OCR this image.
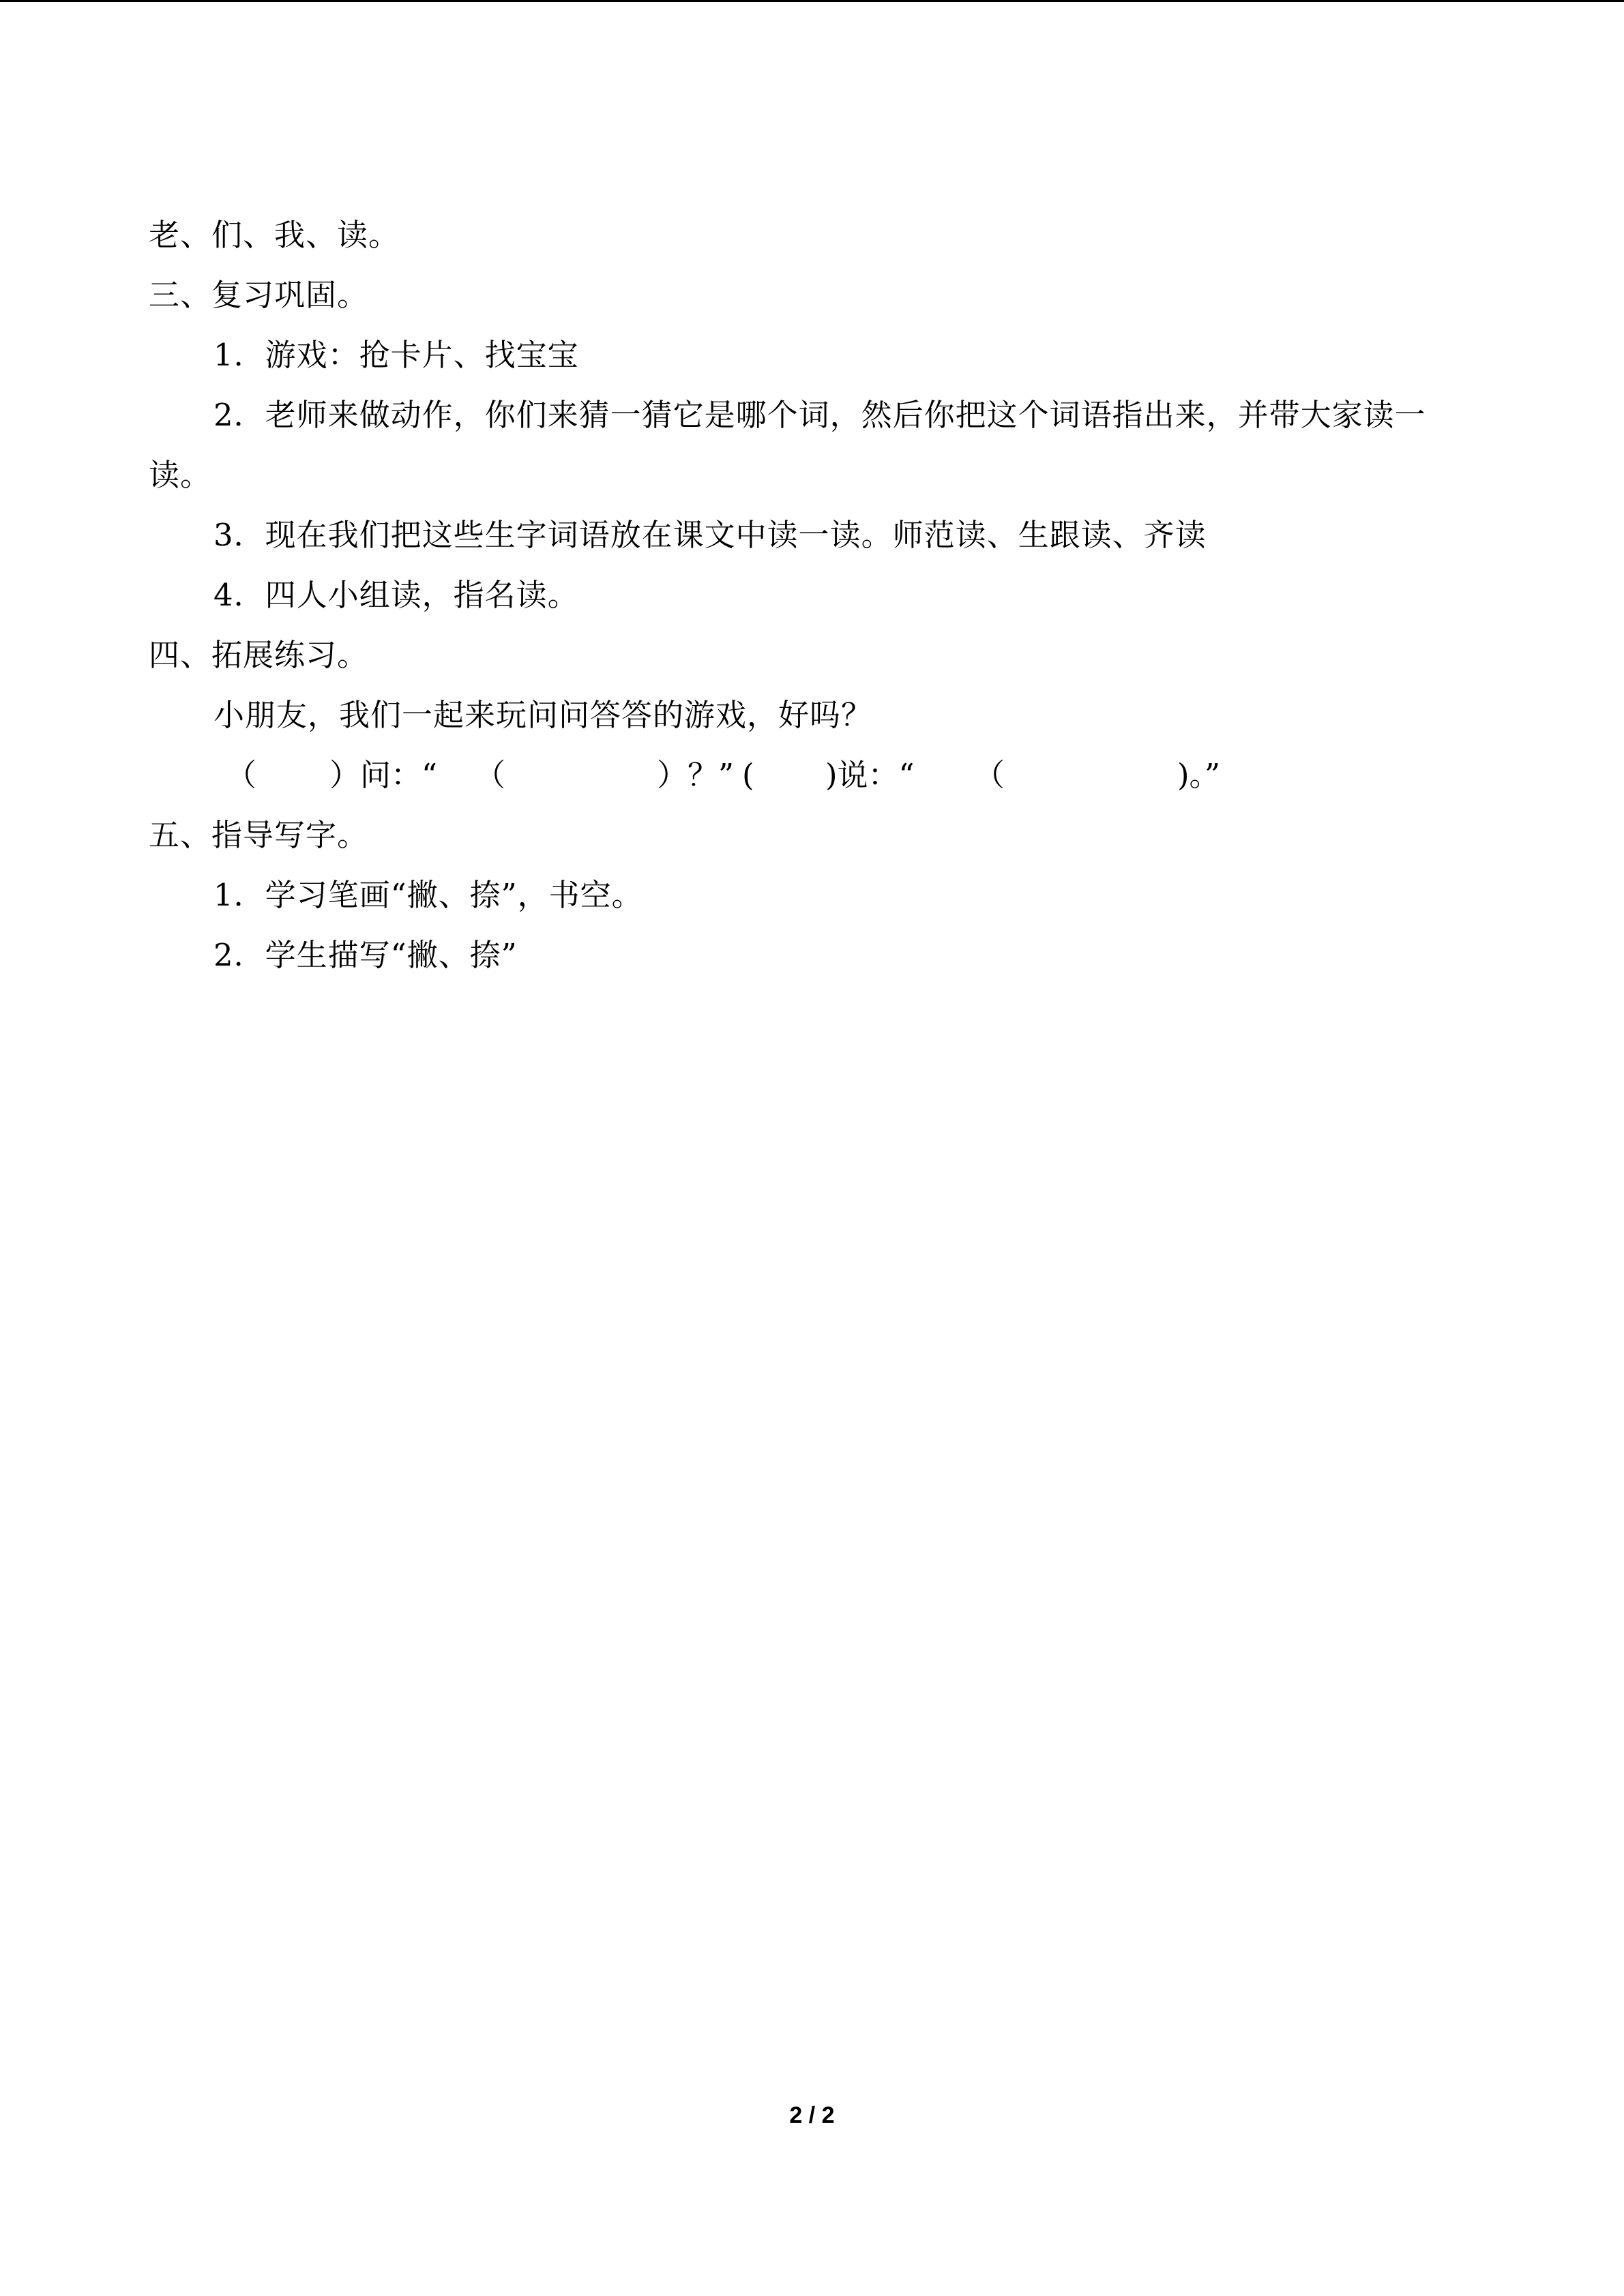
老、们、我、读。
三、复习巩固。
1．游戏：抢卡片、找宝宝
2．老师来做动作，你们来猜一猜它是哪个词，然后你把这个词语指出来，并带大家读一
读。
3．现在我们把这些生字词语放在课文中读一读。师范读、生跟读、齐读
4．四人小组读，指名读。
四、拓展练习。
小朋友，我们一起来玩问问答答的游戏，好吗？
（ ） 问：“ （	）？” ( )说：“ （	)。”
五、指导写字。
1．学习笔画“撇、捺”，书空。
2．学生描写“撇、捺”
2 / 2
